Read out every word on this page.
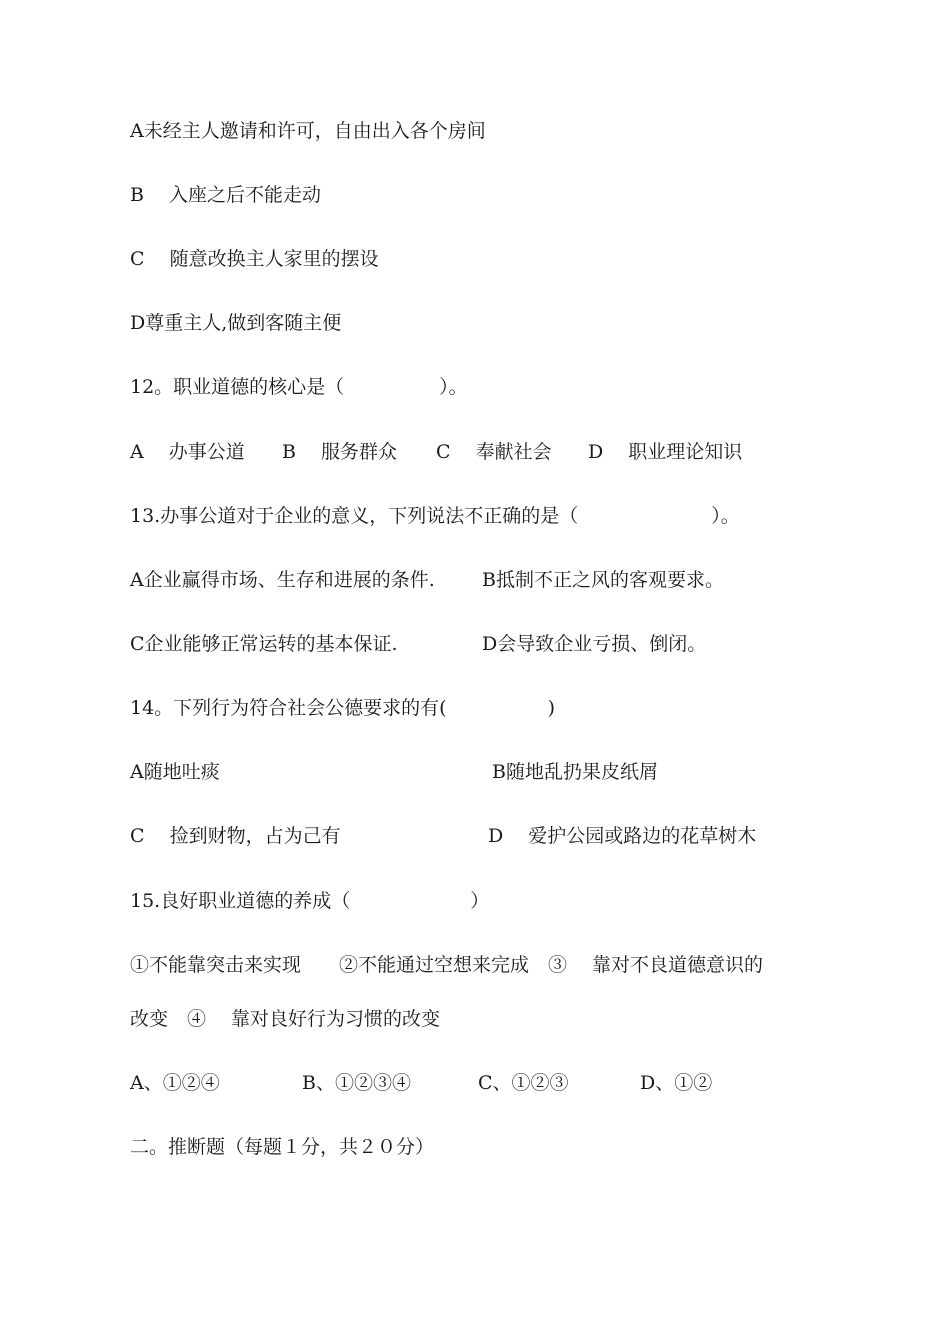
A未经主人邀请和许可，自由出入各个房间

B　 入座之后不能走动

C　 随意改换主人家里的摆设

D尊重主人,做到客随主便

12。职业道德的核心是（　　　　　）。

A　 办事公道

B　 服务群众

C　 奉献社会

D　 职业理论知识

13.办事公道对于企业的意义，下列说法不正确的是（　　　　　　　）。

A企业赢得市场、生存和进展的条件.

B抵制不正之风的客观要求。

C企业能够正常运转的基本保证.

	D会导致企业亏损、倒闭。

14。下列行为符合社会公德要求的有(　　　　　 )

A随地吐痰

	B随地乱扔果皮纸屑

C　 捡到财物，占为己有

	D　 爱护公园或路边的花草树木

15.良好职业道德的养成（　　　　　　 ）

①不能靠突击来实现　　②不能通过空想来完成　③　 靠对不良道德意识的

改变　④　 靠对良好行为习惯的改变

A、①②④

	B、①②③④

	C、①②③

	D、①②

二。推断题（每题１分，共２０分）
